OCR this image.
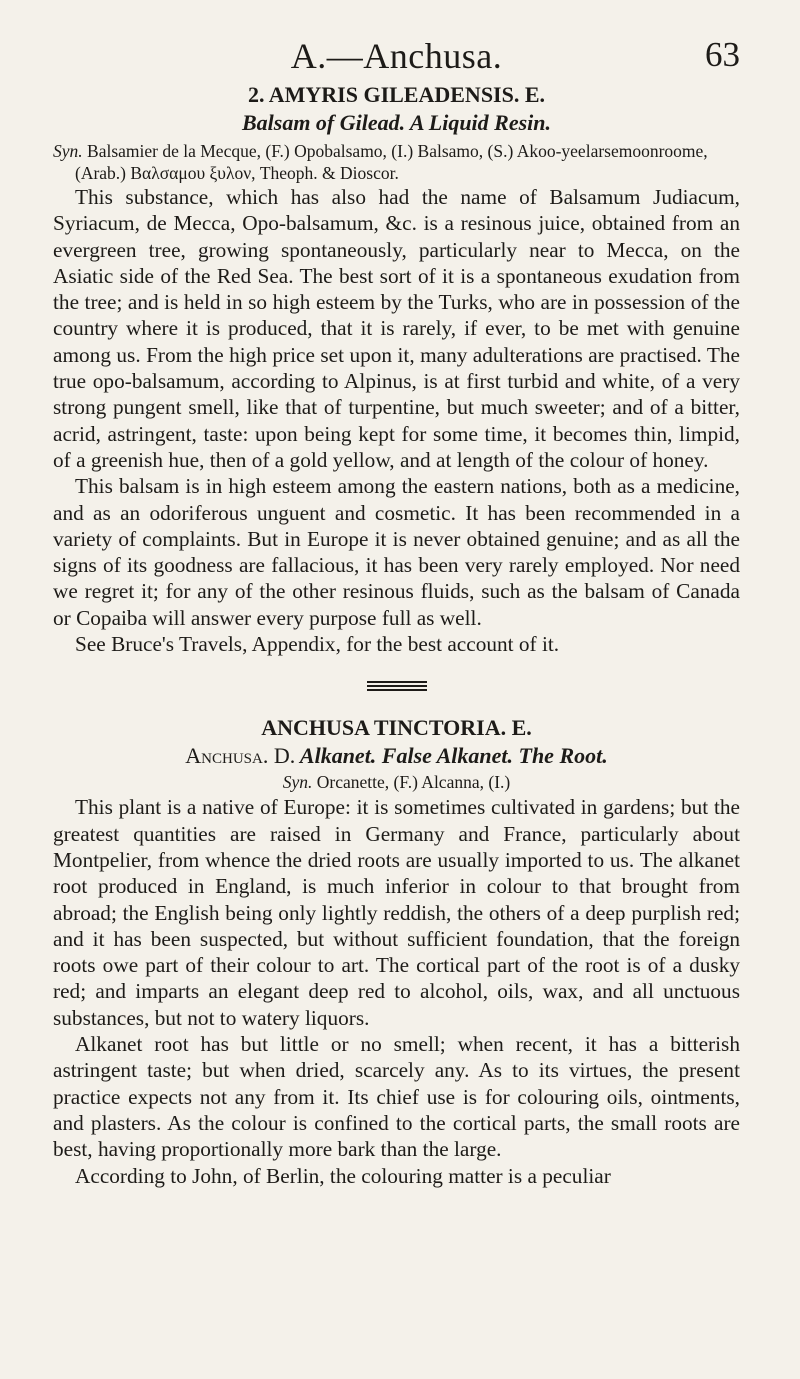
A.—Anchusa.	63
2. AMYRIS GILEADENSIS. E.
Balsam of Gilead. A Liquid Resin.
Syn. Balsamier de la Mecque, (F.) Opobalsamo, (I.) Balsamo, (S.) Akoo-yeelarsemoonroome, (Arab.) Βαλσαμου ξυλον, Theoph. & Dioscor.

This substance, which has also had the name of Balsamum Judiacum, Syriacum, de Mecca, Opo-balsamum, &c. is a resinous juice, obtained from an evergreen tree, growing spontaneously, particularly near to Mecca, on the Asiatic side of the Red Sea. The best sort of it is a spontaneous exudation from the tree; and is held in so high esteem by the Turks, who are in possession of the country where it is produced, that it is rarely, if ever, to be met with genuine among us. From the high price set upon it, many adulterations are practised. The true opo-balsamum, according to Alpinus, is at first turbid and white, of a very strong pungent smell, like that of turpentine, but much sweeter; and of a bitter, acrid, astringent, taste: upon being kept for some time, it becomes thin, limpid, of a greenish hue, then of a gold yellow, and at length of the colour of honey.

This balsam is in high esteem among the eastern nations, both as a medicine, and as an odoriferous unguent and cosmetic. It has been recommended in a variety of complaints. But in Europe it is never obtained genuine; and as all the signs of its goodness are fallacious, it has been very rarely employed. Nor need we regret it; for any of the other resinous fluids, such as the balsam of Canada or Copaiba will answer every purpose full as well.

See Bruce's Travels, Appendix, for the best account of it.

ANCHUSA TINCTORIA. E.
Anchusa. D. Alkanet. False Alkanet. The Root.
Syn. Orcanette, (F.) Alcanna, (I.)

This plant is a native of Europe: it is sometimes cultivated in gardens; but the greatest quantities are raised in Germany and France, particularly about Montpelier, from whence the dried roots are usually imported to us. The alkanet root produced in England, is much inferior in colour to that brought from abroad; the English being only lightly reddish, the others of a deep purplish red; and it has been suspected, but without sufficient foundation, that the foreign roots owe part of their colour to art. The cortical part of the root is of a dusky red; and imparts an elegant deep red to alcohol, oils, wax, and all unctuous substances, but not to watery liquors.

Alkanet root has but little or no smell; when recent, it has a bitterish astringent taste; but when dried, scarcely any. As to its virtues, the present practice expects not any from it. Its chief use is for colouring oils, ointments, and plasters. As the colour is confined to the cortical parts, the small roots are best, having proportionally more bark than the large.

According to John, of Berlin, the colouring matter is a peculiar
